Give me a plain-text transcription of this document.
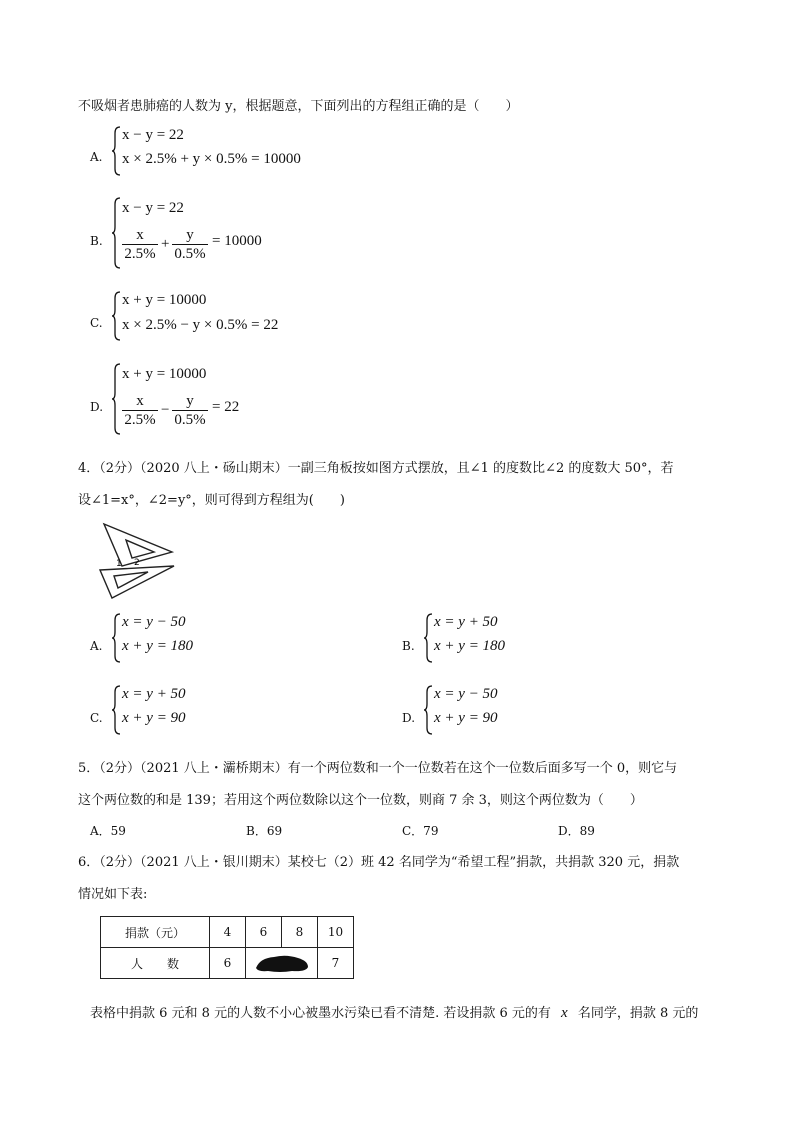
不吸烟者患肺癌的人数为 y，根据题意，下面列出的方程组正确的是（　　）
A.
x − y = 22
x × 2.5% + y × 0.5% = 10000
B.
x − y = 22
x
2.5%
+
y
0.5%
= 10000
C.
x + y = 10000
x × 2.5% − y × 0.5% = 22
D.
x + y = 10000
x
2.5%
−
y
0.5%
= 22
4．（2分）（2020 八上・砀山期末）一副三角板按如图方式摆放，且∠1 的度数比∠2 的度数大 50°，若
设∠1=x°，∠2=y°，则可得到方程组为(　　)
1 2
A.
x = y − 50
x + y = 180	B.
x = y + 50
x + y = 180
C.
x = y + 50
x + y = 90	D.
x = y − 50
x + y = 90
5．（2分）（2021 八上・灞桥期末）有一个两位数和一个一位数若在这个一位数后面多写一个 0，则它与
这个两位数的和是 139；若用这个两位数除以这个一位数，则商 7 余 3，则这个两位数为（　　）
A．59	B．69	C．79	D．89
6．（2分）（2021 八上・银川期末）某校七（2）班 42 名同学为“希望工程”捐款，共捐款 320 元，捐款
情况如下表:
捐款（元）	4	6	8	10
人　　数	6			7
表格中捐款 6 元和 8 元的人数不小心被墨水污染已看不清楚. 若设捐款 6 元的有 x 名同学，捐款 8 元的
